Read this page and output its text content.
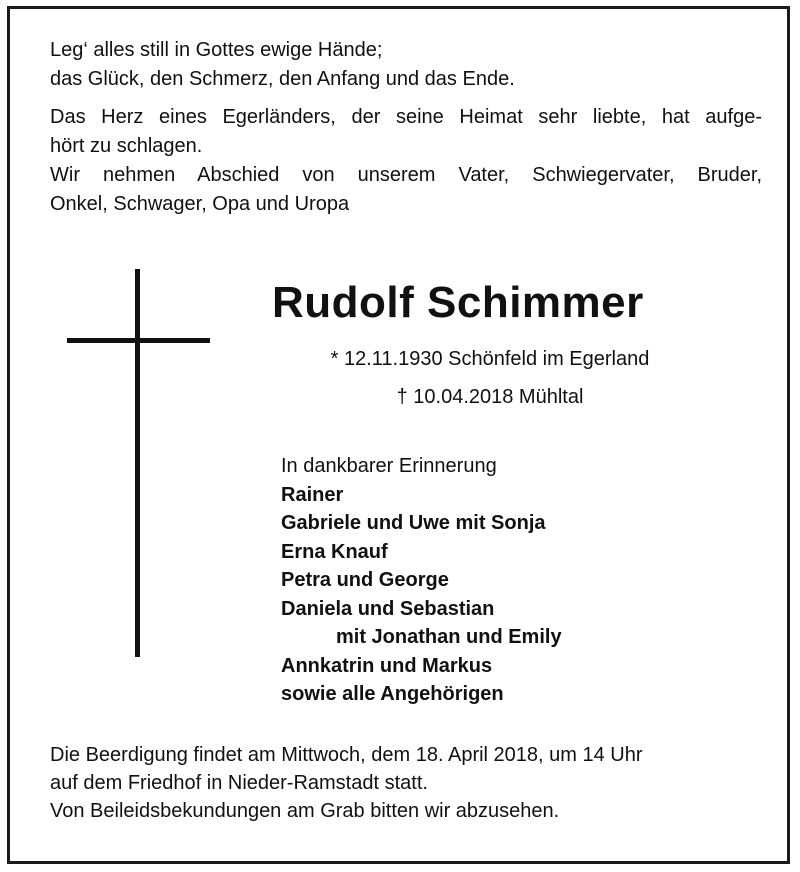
Leg‘ alles still in Gottes ewige Hände;
das Glück, den Schmerz, den Anfang und das Ende.
Das Herz eines Egerländers, der seine Heimat sehr liebte, hat aufge-
hört zu schlagen.
Wir nehmen Abschied von unserem Vater, Schwiegervater, Bruder,
Onkel, Schwager, Opa und Uropa
Rudolf Schimmer
* 12.11.1930 Schönfeld im Egerland
† 10.04.2018 Mühltal
In dankbarer Erinnerung
Rainer
Gabriele und Uwe mit Sonja
Erna Knauf
Petra und George
Daniela und Sebastian
mit Jonathan und Emily
Annkatrin und Markus
sowie alle Angehörigen
Die Beerdigung findet am Mittwoch, dem 18. April 2018, um 14 Uhr
auf dem Friedhof in Nieder-Ramstadt statt.
Von Beileidsbekundungen am Grab bitten wir abzusehen.
